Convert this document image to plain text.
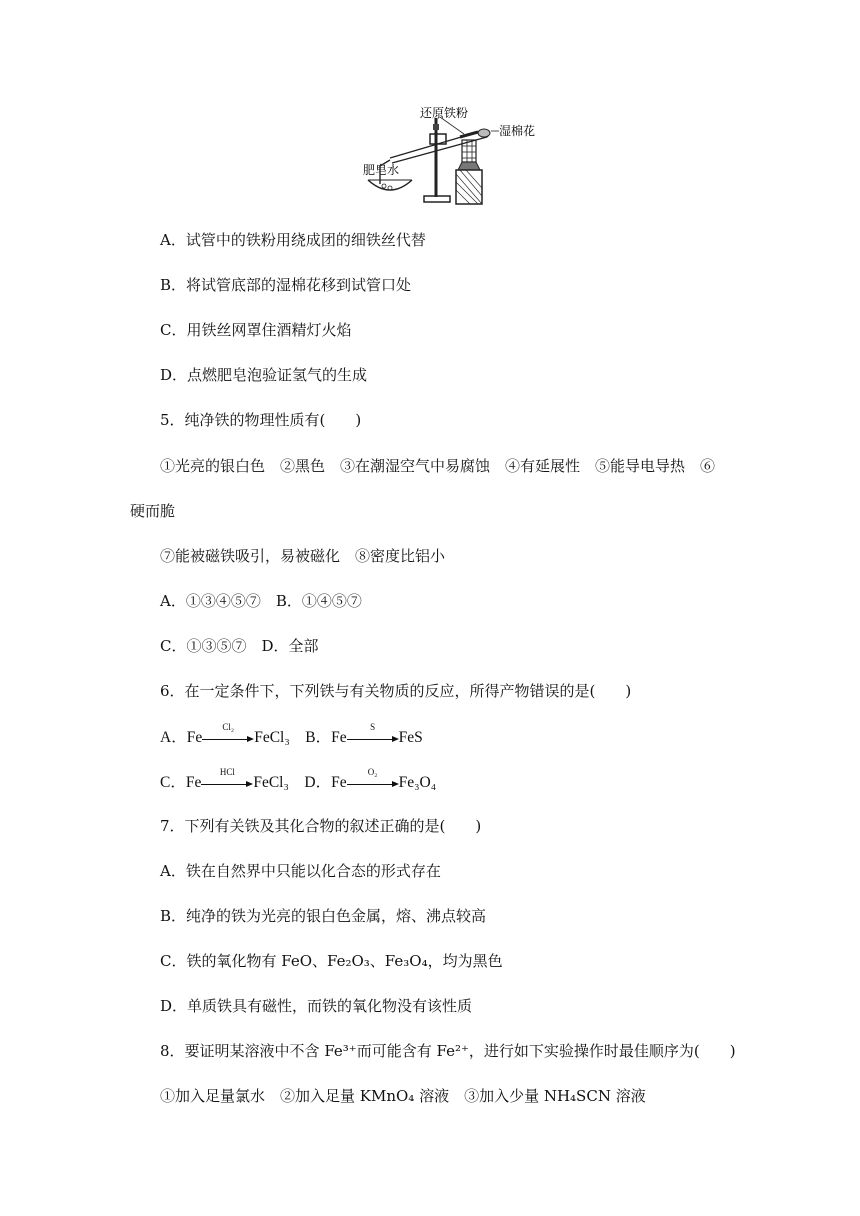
还原铁粉
湿棉花
肥皂水
A．试管中的铁粉用绕成团的细铁丝代替
B．将试管底部的湿棉花移到试管口处
C．用铁丝网罩住酒精灯火焰
D．点燃肥皂泡验证氢气的生成
5．纯净铁的物理性质有(　　)
①光亮的银白色　②黑色　③在潮湿空气中易腐蚀　④有延展性　⑤能导电导热　⑥
硬而脆
⑦能被磁铁吸引，易被磁化　⑧密度比铝小
A．①③④⑤⑦　B．①④⑤⑦
C．①③⑤⑦　D．全部
6．在一定条件下，下列铁与有关物质的反应，所得产物错误的是(　　)
A．Fe
Cl₂
FeCl₃　 B．Fe
S
FeS
C．Fe
HCl
FeCl₃　 D．Fe
O₂
Fe₃O₄
7．下列有关铁及其化合物的叙述正确的是(　　)
A．铁在自然界中只能以化合态的形式存在
B．纯净的铁为光亮的银白色金属，熔、沸点较高
C．铁的氧化物有 FeO、Fe₂O₃、Fe₃O₄，均为黑色
D．单质铁具有磁性，而铁的氧化物没有该性质
8．要证明某溶液中不含 Fe³⁺而可能含有 Fe²⁺，进行如下实验操作时最佳顺序为(　　)
①加入足量氯水　②加入足量 KMnO₄ 溶液　③加入少量 NH₄SCN 溶液
